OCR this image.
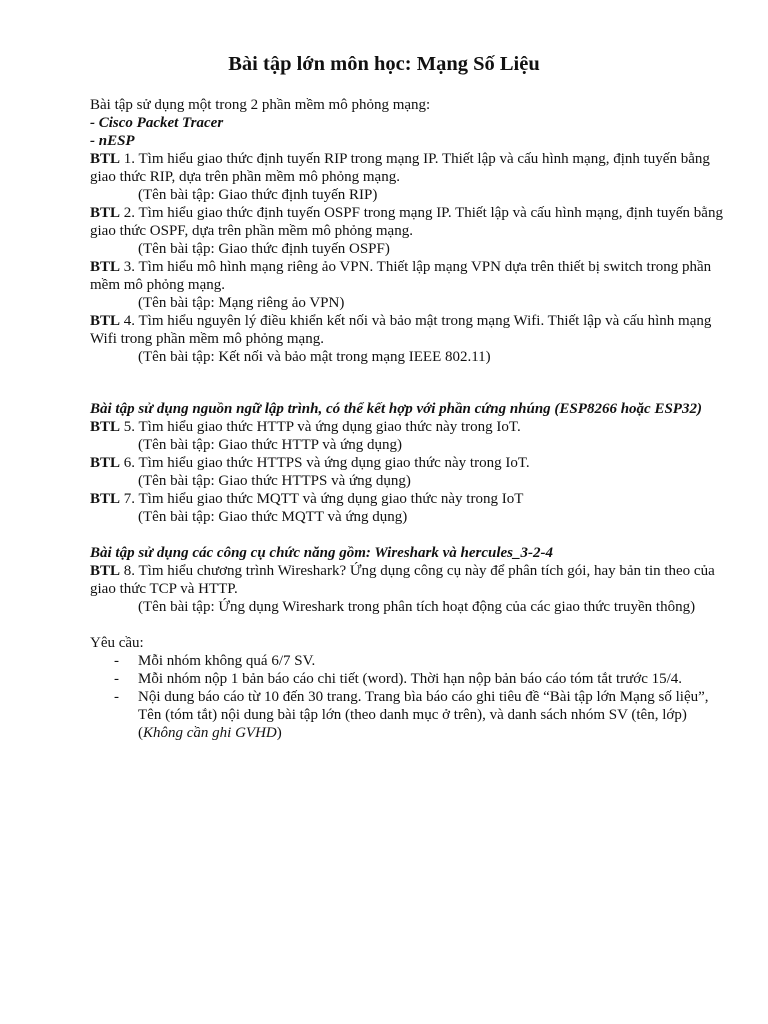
Bài tập lớn môn học: Mạng Số Liệu

Bài tập sử dụng một trong 2 phần mềm mô phỏng mạng:

- Cisco Packet Tracer

- nESP

BTL 1. Tìm hiểu giao thức định tuyến RIP trong mạng IP. Thiết lập và cấu hình mạng, định tuyến bằng giao thức RIP, dựa trên phần mềm mô phỏng mạng.

(Tên bài tập: Giao thức định tuyến RIP)

BTL 2. Tìm hiểu giao thức định tuyến OSPF trong mạng IP. Thiết lập và cấu hình mạng, định tuyến bằng giao thức OSPF, dựa trên phần mềm mô phỏng mạng.

(Tên bài tập: Giao thức định tuyến OSPF)

BTL 3. Tìm hiểu mô hình mạng riêng ảo VPN. Thiết lập mạng VPN dựa trên thiết bị switch trong phần mềm mô phỏng mạng.

(Tên bài tập: Mạng riêng ảo VPN)

BTL 4. Tìm hiểu nguyên lý điều khiển kết nối và bảo mật trong mạng Wifi. Thiết lập và cấu hình mạng Wifi trong phần mềm mô phỏng mạng.

(Tên bài tập: Kết nối và bảo mật trong mạng IEEE 802.11)

Bài tập sử dụng nguồn ngữ lập trình, có thể kết hợp với phần cứng nhúng (ESP8266 hoặc ESP32)

BTL 5. Tìm hiểu giao thức HTTP và ứng dụng giao thức này trong IoT.

(Tên bài tập: Giao thức HTTP và ứng dụng)

BTL 6. Tìm hiểu giao thức HTTPS và ứng dụng giao thức này trong IoT.

(Tên bài tập: Giao thức HTTPS và ứng dụng)

BTL 7. Tìm hiểu giao thức MQTT và ứng dụng giao thức này trong IoT

(Tên bài tập: Giao thức MQTT và ứng dụng)

Bài tập sử dụng các công cụ chức năng gồm: Wireshark và hercules_3-2-4

BTL 8. Tìm hiểu chương trình Wireshark? Ứng dụng công cụ này để phân tích gói, hay bản tin theo của giao thức TCP và HTTP.

(Tên bài tập: Ứng dụng Wireshark trong phân tích hoạt động của các giao thức truyền thông)

Yêu cầu:

- Mỗi nhóm không quá 6/7 SV.
- Mỗi nhóm nộp 1 bản báo cáo chi tiết (word). Thời hạn nộp bản báo cáo tóm tắt trước 15/4.
- Nội dung báo cáo từ 10 đến 30 trang. Trang bìa báo cáo ghi tiêu đề “Bài tập lớn Mạng số liệu”, Tên (tóm tắt) nội dung bài tập lớn (theo danh mục ở trên), và danh sách nhóm SV (tên, lớp) (Không cần ghi GVHD)
